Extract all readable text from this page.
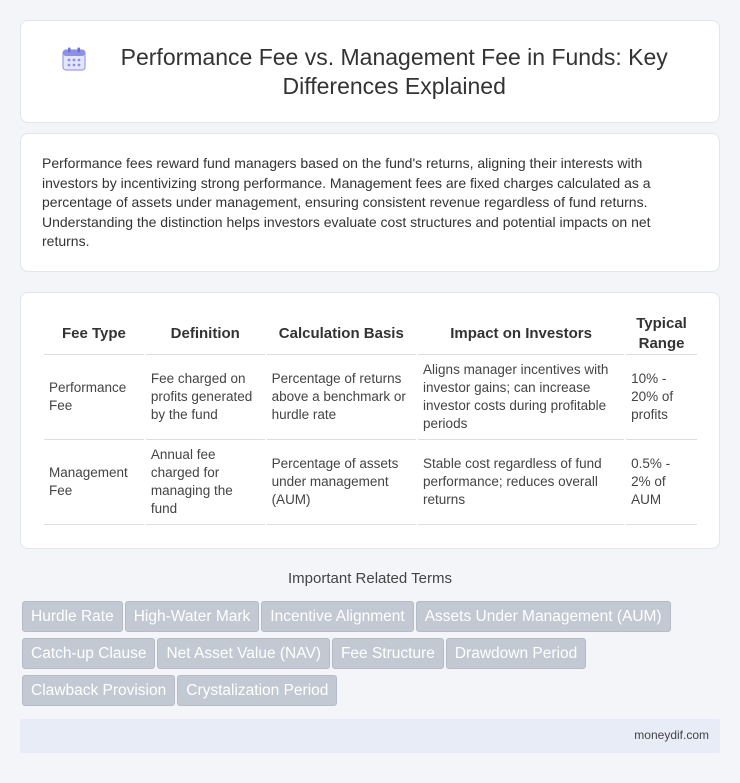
Performance Fee vs. Management Fee in Funds: Key Differences Explained

Performance fees reward fund managers based on the fund's returns, aligning their interests with investors by incentivizing strong performance. Management fees are fixed charges calculated as a percentage of assets under management, ensuring consistent revenue regardless of fund returns. Understanding the distinction helps investors evaluate cost structures and potential impacts on net returns.

Fee Type	Definition	Calculation Basis	Impact on Investors	Typical Range
Performance Fee	Fee charged on profits generated by the fund	Percentage of returns above a benchmark or hurdle rate	Aligns manager incentives with investor gains; can increase investor costs during profitable periods	10% - 20% of profits
Management Fee	Annual fee charged for managing the fund	Percentage of assets under management (AUM)	Stable cost regardless of fund performance; reduces overall returns	0.5% - 2% of AUM
Important Related Terms
Hurdle Rate High-Water Mark Incentive Alignment Assets Under Management (AUM)Catch-up Clause Net Asset Value (NAV) Fee Structure Drawdown PeriodClawback Provision Crystalization Period
moneydif.com
